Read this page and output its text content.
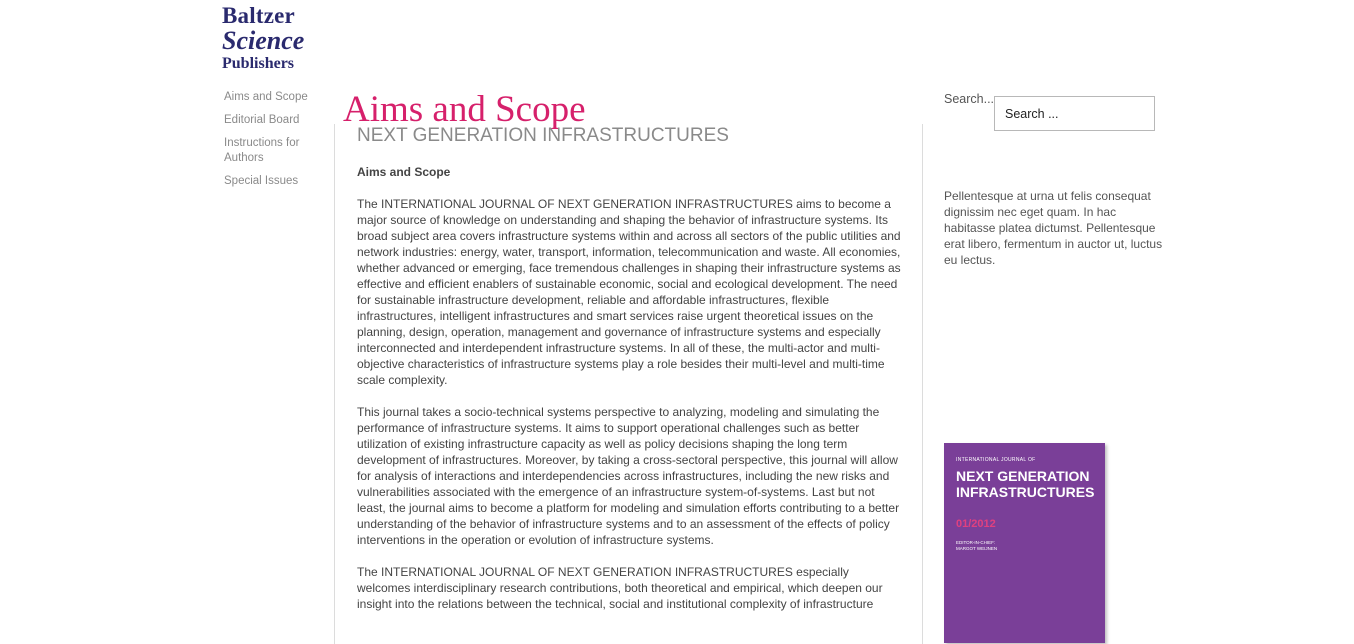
Baltzer
Science
Publishers
Aims and Scope
Editorial Board
Instructions for Authors
Special Issues
Aims and Scope
NEXT GENERATION INFRASTRUCTURES
Aims and Scope

The INTERNATIONAL JOURNAL OF NEXT GENERATION INFRASTRUCTURES aims to become a major source of knowledge on understanding and shaping the behavior of infrastructure systems. Its broad subject area covers infrastructure systems within and across all sectors of the public utilities and network industries: energy, water, transport, information, telecommunication and waste. All economies, whether advanced or emerging, face tremendous challenges in shaping their infrastructure systems as effective and efficient enablers of sustainable economic, social and ecological development. The need for sustainable infrastructure development, reliable and affordable infrastructures, flexible infrastructures, intelligent infrastructures and smart services raise urgent theoretical issues on the planning, design, operation, management and governance of infrastructure systems and especially interconnected and interdependent infrastructure systems. In all of these, the multi-actor and multi-objective characteristics of infrastructure systems play a role besides their multi-level and multi-time scale complexity.

This journal takes a socio-technical systems perspective to analyzing, modeling and simulating the performance of infrastructure systems. It aims to support operational challenges such as better utilization of existing infrastructure capacity as well as policy decisions shaping the long term development of infrastructures. Moreover, by taking a cross-sectoral perspective, this journal will allow for analysis of interactions and interdependencies across infrastructures, including the new risks and vulnerabilities associated with the emergence of an infrastructure system-of-systems. Last but not least, the journal aims to become a platform for modeling and simulation efforts contributing to a better understanding of the behavior of infrastructure systems and to an assessment of the effects of policy interventions in the operation or evolution of infrastructure systems.

The INTERNATIONAL JOURNAL OF NEXT GENERATION INFRASTRUCTURES especially welcomes interdisciplinary research contributions, both theoretical and empirical, which deepen our insight into the relations between the technical, social and institutional complexity of infrastructure

Search...
Search ...
Pellentesque at urna ut felis consequat dignissim nec eget quam. In hac habitasse platea dictumst. Pellentesque erat libero, fermentum in auctor ut, luctus eu lectus.
INTERNATIONAL JOURNAL OF
NEXT GENERATION INFRASTRUCTURES
01/2012
EDITOR-IN-CHIEF: MARGOT WEIJNEN
